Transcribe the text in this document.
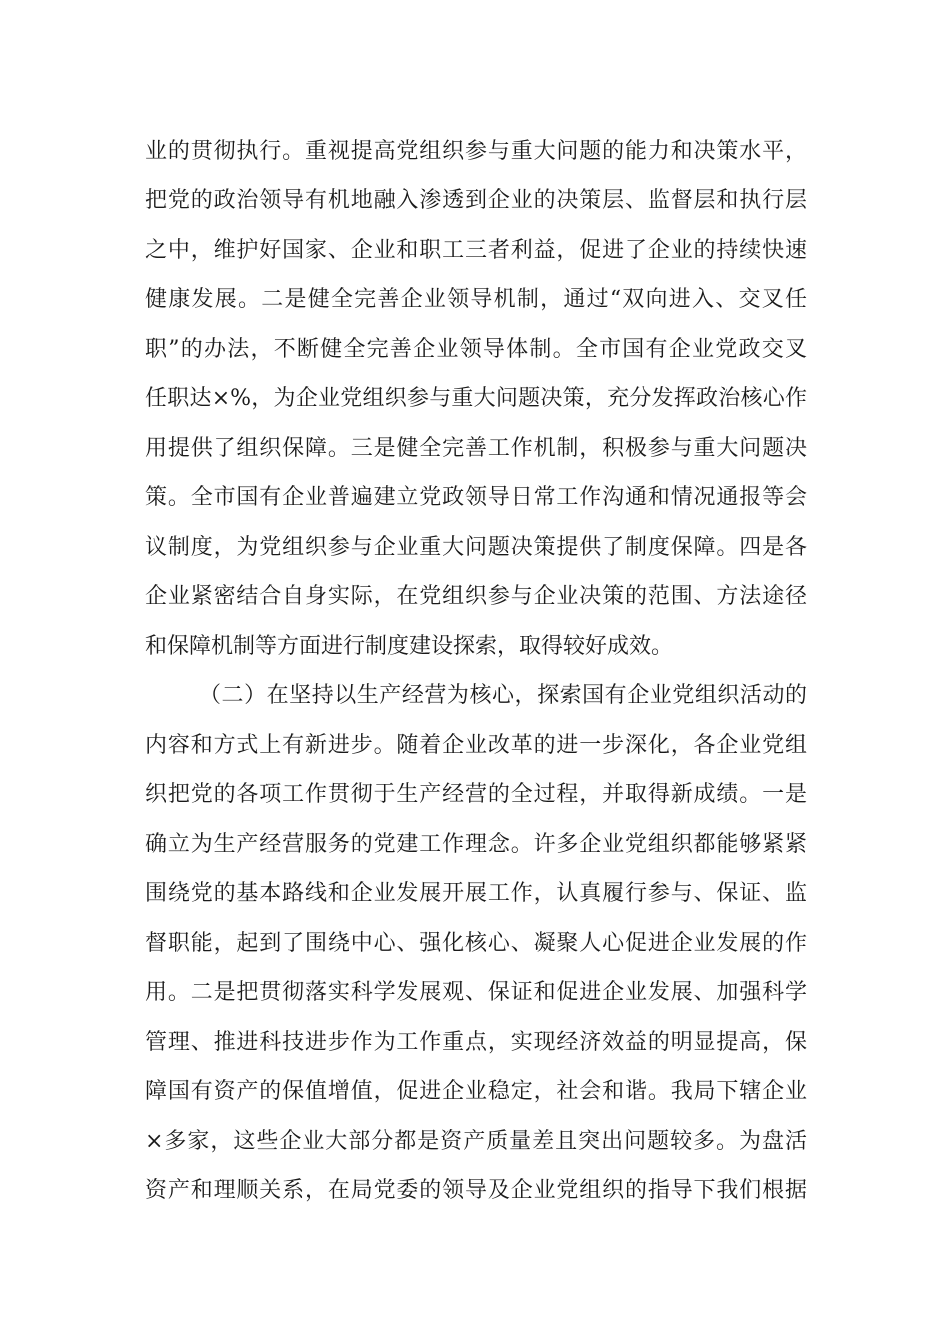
业的贯彻执行。重视提高党组织参与重大问题的能力和决策水平，
把党的政治领导有机地融入渗透到企业的决策层、监督层和执行层
之中，维护好国家、企业和职工三者利益，促进了企业的持续快速
健康发展。二是健全完善企业领导机制，通过“双向进入、交叉任
职”的办法，不断健全完善企业领导体制。全市国有企业党政交叉
任职达×%，为企业党组织参与重大问题决策，充分发挥政治核心作
用提供了组织保障。三是健全完善工作机制，积极参与重大问题决
策。全市国有企业普遍建立党政领导日常工作沟通和情况通报等会
议制度，为党组织参与企业重大问题决策提供了制度保障。四是各
企业紧密结合自身实际，在党组织参与企业决策的范围、方法途径
和保障机制等方面进行制度建设探索，取得较好成效。
（二）在坚持以生产经营为核心，探索国有企业党组织活动的
内容和方式上有新进步。随着企业改革的进一步深化，各企业党组
织把党的各项工作贯彻于生产经营的全过程，并取得新成绩。一是
确立为生产经营服务的党建工作理念。许多企业党组织都能够紧紧
围绕党的基本路线和企业发展开展工作，认真履行参与、保证、监
督职能，起到了围绕中心、强化核心、凝聚人心促进企业发展的作
用。二是把贯彻落实科学发展观、保证和促进企业发展、加强科学
管理、推进科技进步作为工作重点，实现经济效益的明显提高，保
障国有资产的保值增值，促进企业稳定，社会和谐。我局下辖企业
×多家，这些企业大部分都是资产质量差且突出问题较多。为盘活
资产和理顺关系，在局党委的领导及企业党组织的指导下我们根据
